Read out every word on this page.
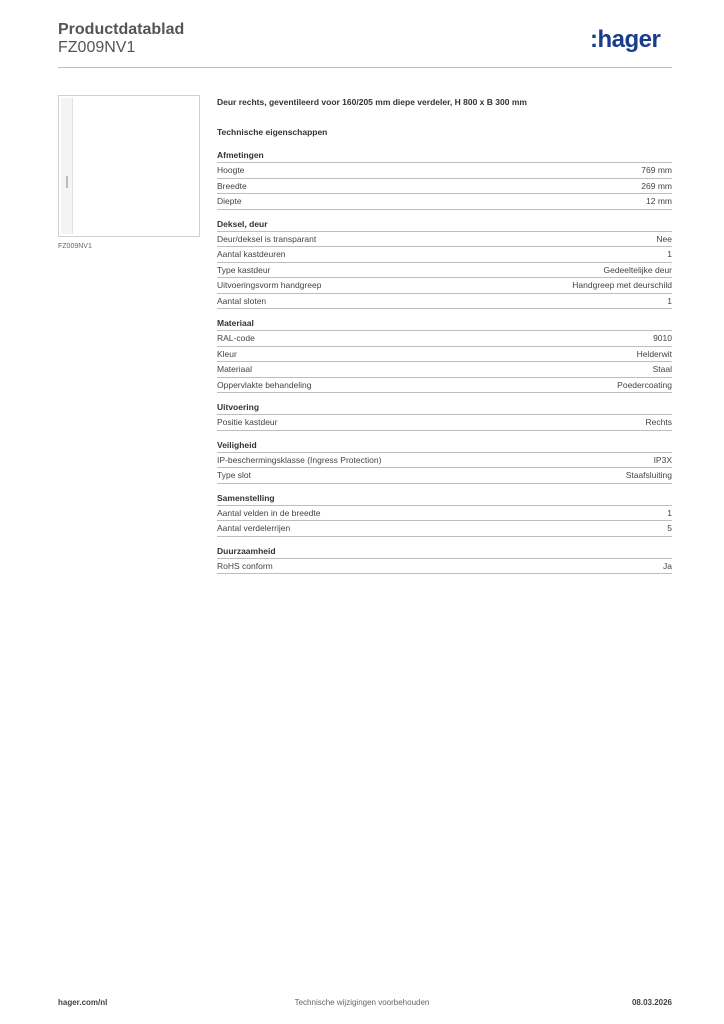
Productdatablad
FZ009NV1	:hager
FZ009NV1
Deur rechts, geventileerd voor 160/205 mm diepe verdeler, H 800 x B 300 mm
Technische eigenschappen
Afmetingen
Hoogte	769 mm
Breedte	269 mm
Diepte	12 mm
Deksel, deur
Deur/deksel is transparant	Nee
Aantal kastdeuren	1
Type kastdeur	Gedeeltelijke deur
Uitvoeringsvorm handgreep	Handgreep met deurschild
Aantal sloten	1
Materiaal
RAL-code	9010
Kleur	Helderwit
Materiaal	Staal
Oppervlakte behandeling	Poedercoating
Uitvoering
Positie kastdeur	Rechts
Veiligheid
IP-beschermingsklasse (Ingress Protection)	IP3X
Type slot	Staafsluiting
Samenstelling
Aantal velden in de breedte	1
Aantal verdelerrijen	5
Duurzaamheid
RoHS conform	Ja
hager.com/nl	Technische wijzigingen voorbehouden	08.03.2026
